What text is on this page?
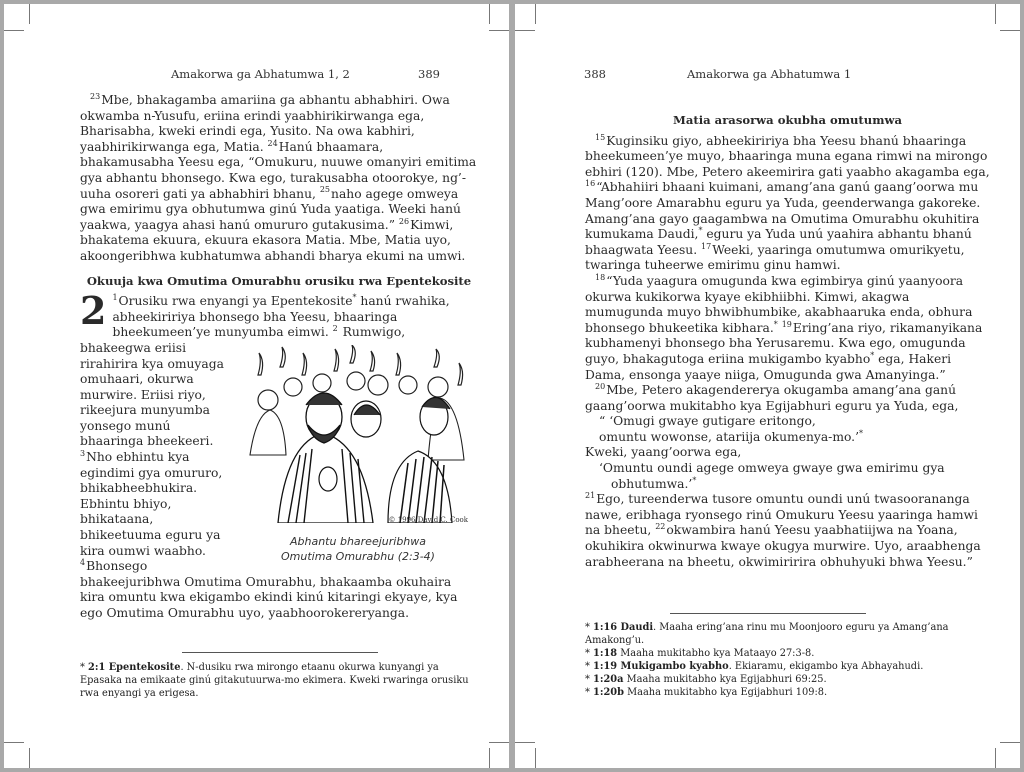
Amakorwa ga Abhatumwa 1, 2	389

$^{23}$Mbe, bhakagamba amariina ga abhantu abhabhiri. Owa okwamba n-Yusufu, eriina erindi yaabhirikirwanga ega, Bharisabha, kweki erindi ega, Yusito. Na owa kabhiri, yaabhirikirwanga ega, Matia. $^{24}$Hanú bhaamara, bhakamusabha Yeesu ega, “Omukuru, nuuwe omanyiri emitima gya abhantu bhonsego. Kwa ego, turakusabha otoorokye, ng’-uuha osoreri gati ya abhabhiri bhanu, $^{25}$naho agege omweya gwa emirimu gya obhutumwa ginú Yuda yaatiga. Weeki hanú yaakwa, yaagya ahasi hanú omururo gutakusima.” $^{26}$Kimwi, bhakatema ekuura, ekuura ekasora Matia. Mbe, Matia uyo, akoongeribhwa kubhatumwa abhandi bharya ekumi na umwi.

Okuuja kwa Omutima Omurabhu orusiku rwa Epentekosite

2 $^1$Orusiku rwa enyangi ya Epentekosite* hanú rwahika, abheekiririya bhonsego bha Yeesu, bhaaringa bheekumeen’ye munyumba eimwi. $^2$
© 1996 David C. Cook
Abhantu bhareejuribhwa
Omutima Omurabhu (2:3-4)
Rumwigo, bhakeegwa eriisi rirahirira kya omuyaga omuhaari, okurwa murwire. Eriisi riyo, rikeejura munyumba yonsego munú bhaaringa bheekeeri. $^3$Nho ebhintu kya egindimi gya omururo, bhikabheebhukira. Ebhintu bhiyo, bhikataana, bhikeetuuma eguru ya kira oumwi waabho. $^4$Bhonsego bhakeejuribhwa Omutima Omurabhu, bhakaamba okuhaira kira omuntu kwa ekigambo ekindi kinú kitaringi ekyaye, kya ego Omutima Omurabhu uyo, yaabhoorokereryanga.

* 2:1 Epentekosite. N-dusiku rwa mirongo etaanu okurwa kunyangi ya Epasaka na emikaate ginú gitakutuurwa-mo ekimera. Kweki rwaringa orusiku rwa enyangi ya erigesa.

388	Amakorwa ga Abhatumwa 1
Matia arasorwa okubha omutumwa

$^{15}$Kuginsiku giyo, abheekiririya bha Yeesu bhanú bhaaringa bheekumeen’ye muyo, bhaaringa muna egana rimwi na mirongo ebhiri (120). Mbe, Petero akeemirira gati yaabho akagamba ega, $^{16}$“Abhahiiri bhaani kuimani, amang’ana ganú gaang’oorwa mu Mang’oore Amarabhu eguru ya Yuda, geenderwanga gakoreke. Amang’ana gayo gaagambwa na Omutima Omurabhu okuhitira kumukama Daudi,* eguru ya Yuda unú yaahira abhantu bhanú bhaagwata Yeesu. $^{17}$Weeki, yaaringa omutumwa omurikyetu, twaringa tuheerwe emirimu ginu hamwi.

$^{18}$“Yuda yaagura omugunda kwa egimbirya ginú yaanyoora okurwa kukikorwa kyaye ekibhiibhi. Kimwi, akagwa mumugunda muyo bhwibhumbike, akabhaaruka enda, obhura bhonsego bhukeetika kibhara.* $^{19}$Ering’ana riyo, rikamanyikana kubhamenyi bhonsego bha Yerusaremu. Kwa ego, omugunda guyo, bhakagutoga eriina mukigambo kyabho* ega, Hakeri Dama, ensonga yaaye niiga, Omugunda gwa Amanyinga.”

$^{20}$Mbe, Petero akagendererya okugamba amang’ana ganú gaang’oorwa mukitabho kya Egijabhuri eguru ya Yuda, ega,

“ ‘Omugi gwaye gutigare eritongo,

omuntu wowonse, atariija okumenya-mo.’*

Kweki, yaang’oorwa ega,

‘Omuntu oundi agege omweya gwaye gwa emirimu gya

obhutumwa.’*

$^{21}$Ego, tureenderwa tusore omuntu oundi unú twasoorananga nawe, eribhaga ryonsego rinú Omukuru Yeesu yaaringa hamwi na bheetu, $^{22}$okwambira hanú Yeesu yaabhatiijwa na Yoana, okuhikira okwinurwa kwaye okugya murwire. Uyo, araabhenga arabheerana na bheetu, okwimiririra obhuhyuki bhwa Yeesu.”

* 1:16 Daudi. Maaha ering’ana rinu mu Moonjooro eguru ya Amang’ana Amakong’u.

* 1:18 Maaha mukitabho kya Mataayo 27:3-8.

* 1:19 Mukigambo kyabho. Ekiaramu, ekigambo kya Abhayahudi.

* 1:20a Maaha mukitabho kya Egijabhuri 69:25.

* 1:20b Maaha mukitabho kya Egijabhuri 109:8.
